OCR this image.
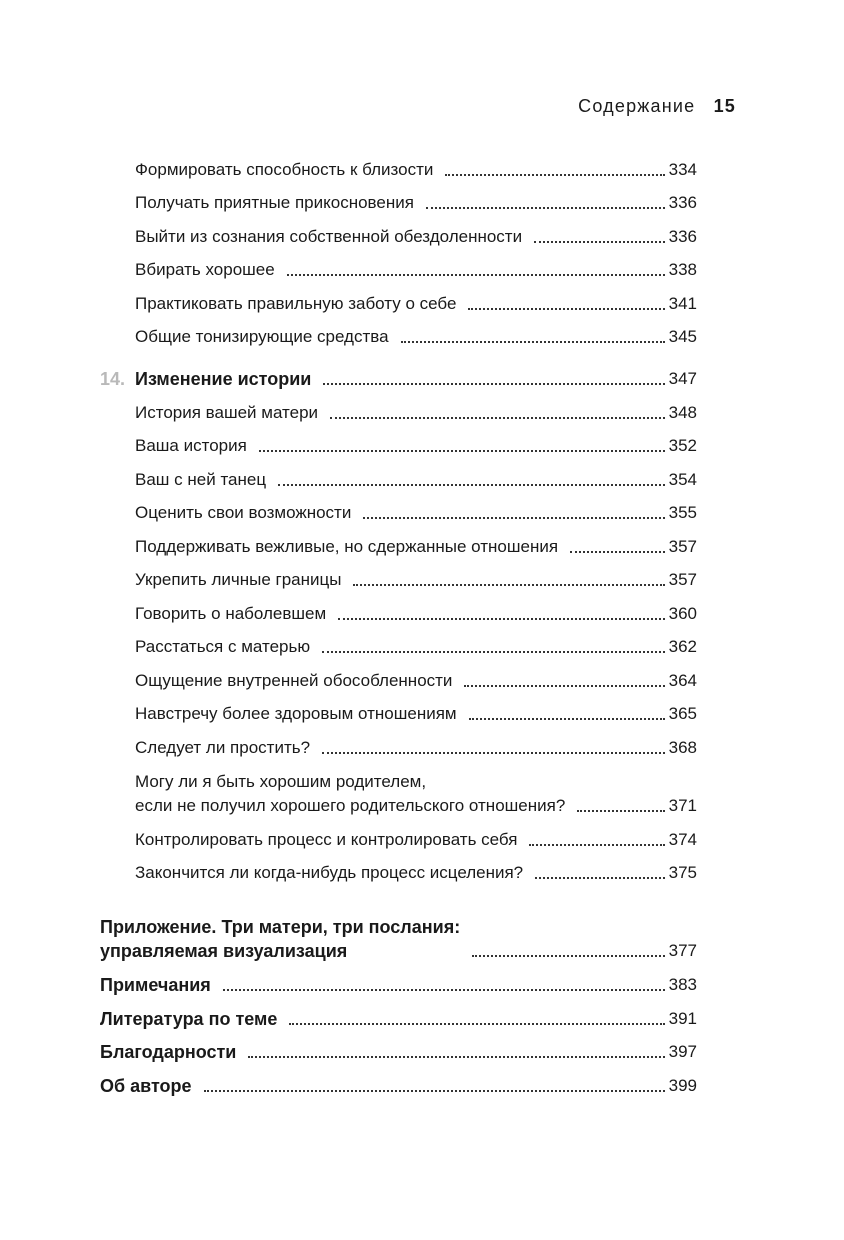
Содержание 15
Формировать способность к близости	334
Получать приятные прикосновения	336
Выйти из сознания собственной обездоленности	336
Вбирать хорошее	338
Практиковать правильную заботу о себе	341
Общие тонизирующие средства	345
14. Изменение истории	347
История вашей матери	348
Ваша история	352
Ваш с ней танец	354
Оценить свои возможности	355
Поддерживать вежливые, но сдержанные отношения	357
Укрепить личные границы	357
Говорить о наболевшем	360
Расстаться с матерью	362
Ощущение внутренней обособленности	364
Навстречу более здоровым отношениям	365
Следует ли простить?	368
Могу ли я быть хорошим родителем,
если не получил хорошего родительского отношения?	371
Контролировать процесс и контролировать себя	374
Закончится ли когда-нибудь процесс исцеления?	375
Приложение. Три матери, три послания:
управляемая визуализация	377
Примечания	383
Литература по теме	391
Благодарности	397
Об авторе	399
